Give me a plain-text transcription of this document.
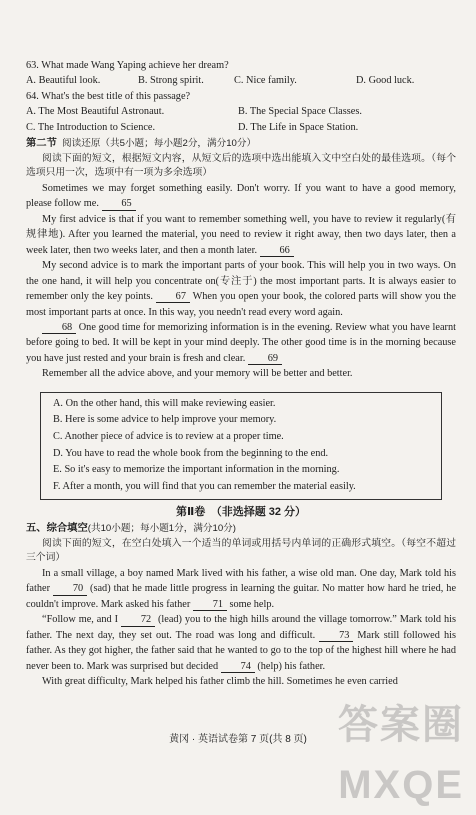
63. What made Wang Yaping achieve her dream?
A. Beautiful look.	B. Strong spirit.	C. Nice family.	D. Good luck.
64. What's the best title of this passage?
A. The Most Beautiful Astronaut.	B. The Special Space Classes.
C. The Introduction to Science.	D. The Life in Space Station.
第二节 阅读还原（共5小题；每小题2分，满分10分）

阅读下面的短文，根据短文内容，从短文后的选项中选出能填入文中空白处的最佳选项。（每个选项只用一次，选项中有一项为多余选项）

Sometimes we may forget something easily. Don't worry. If you want to have a good memory, please follow me. 65

My first advice is that if you want to remember something well, you have to review it regularly(有规律地). After you learned the material, you need to review it right away, then two days later, then a week later, then two weeks later, and then a month later. 66

My second advice is to mark the important parts of your book. This will help you in two ways. On the one hand, it will help you concentrate on(专注于) the most important parts. It is always easier to remember only the key points. 67 When you open your book, the colored parts will show you the most important parts at once. In this way, you needn't read every word again.

68 One good time for memorizing information is in the evening. Review what you have learnt before going to bed. It will be kept in your mind deeply. The other good time is in the morning because you have just rested and your brain is fresh and clear. 69

Remember all the advice above, and your memory will be better and better.

A. On the other hand, this will make reviewing easier.
B. Here is some advice to help improve your memory.
C. Another piece of advice is to review at a proper time.
D. You have to read the whole book from the beginning to the end.
E. So it's easy to memorize the important information in the morning.
F. After a month, you will find that you can remember the material easily.
第Ⅱ卷　（非选择题 32 分）
五、综合填空(共10小题；每小题1分，满分10分)

阅读下面的短文，在空白处填入一个适当的单词或用括号内单词的正确形式填空。（每空不超过三个词）

In a small village, a boy named Mark lived with his father, a wise old man. One day, Mark told his father 70 (sad) that he made little progress in learning the guitar. No matter how hard he tried, he couldn't improve. Mark asked his father 71 some help.

“Follow me, and I 72 (lead) you to the high hills around the village tomorrow.” Mark told his father. The next day, they set out. The road was long and difficult. 73 Mark still followed his father. As they got higher, the father said that he wanted to go to the top of the highest hill where he had never been to. Mark was surprised but decided 74 (help) his father.

With great difficulty, Mark helped his father climb the hill. Sometimes he even carried

黄冈 · 英语试卷第 7 页(共 8 页) 答案圈 MXQE
